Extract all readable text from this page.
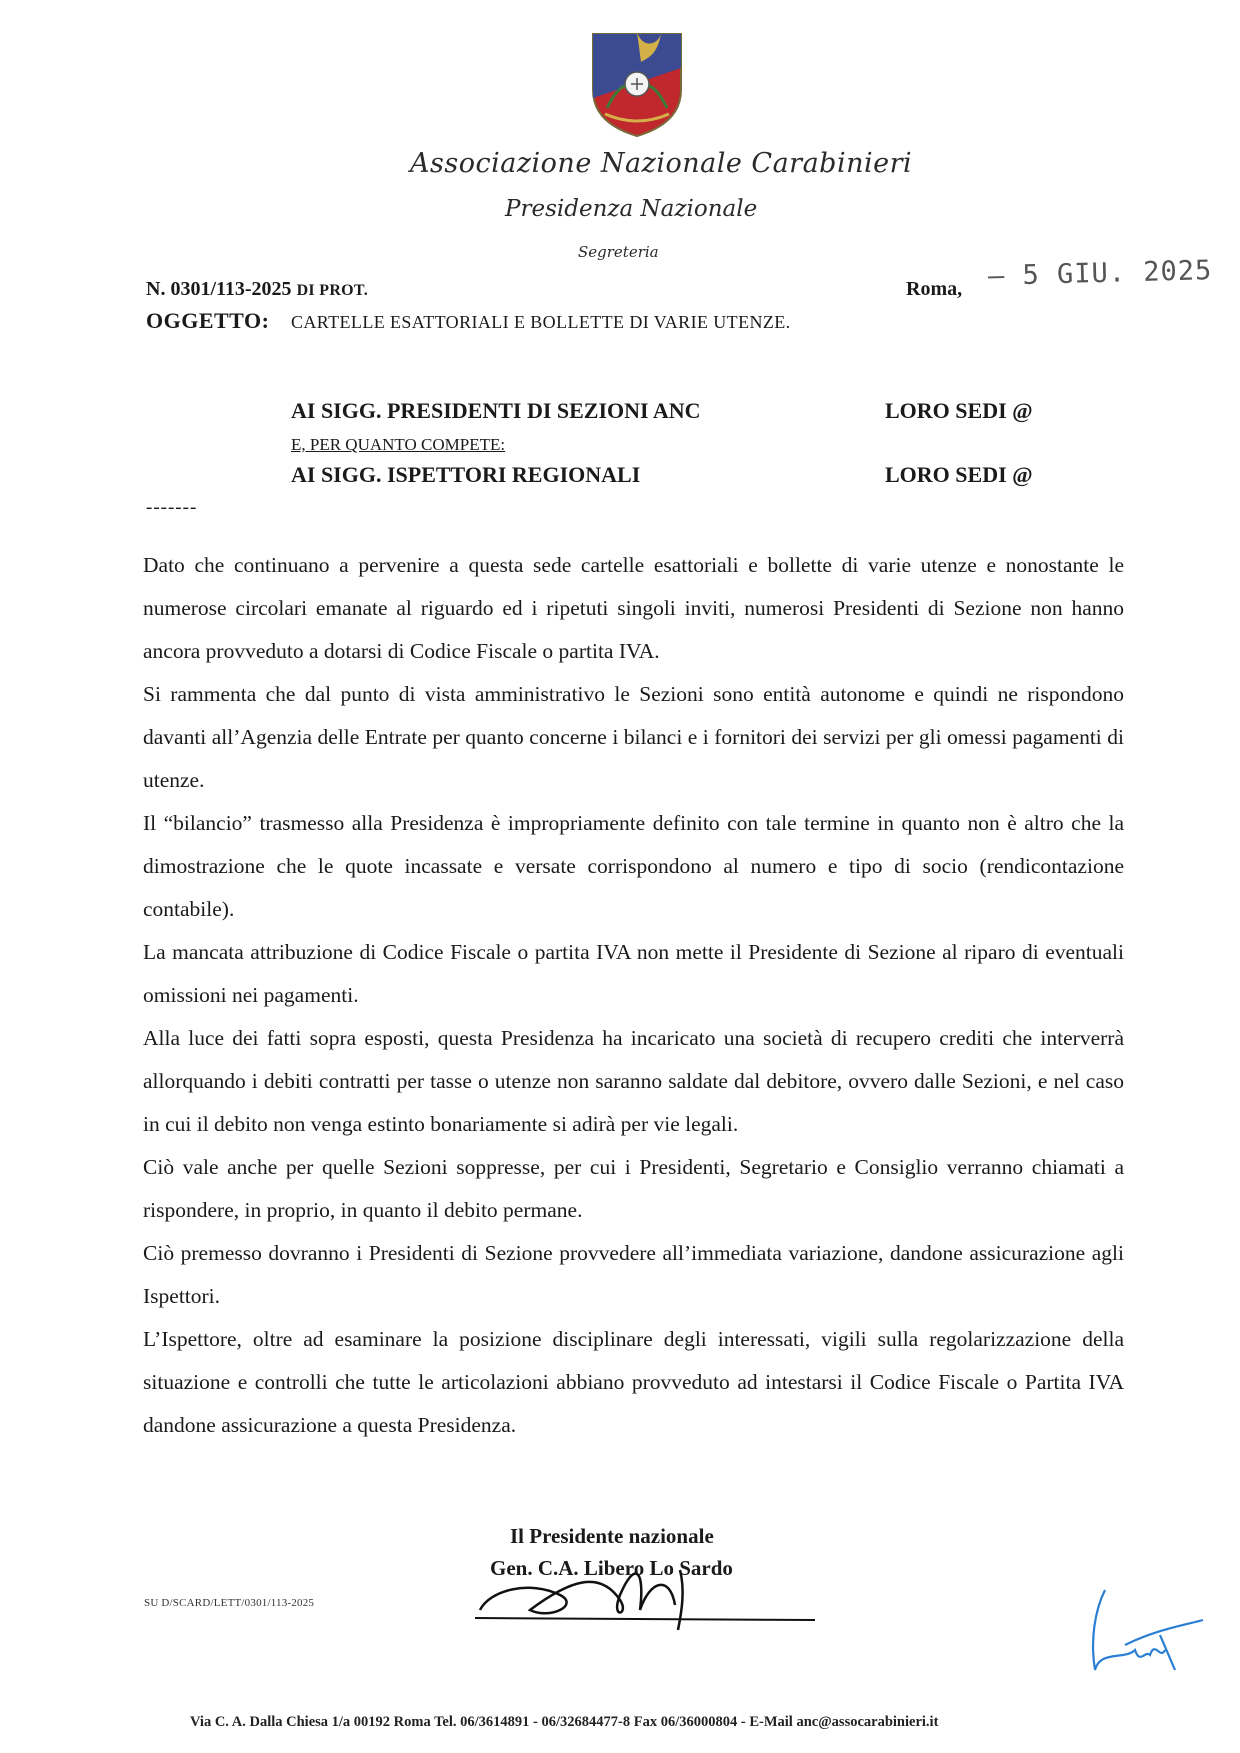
Associazione Nazionale Carabinieri
Presidenza Nazionale
Segreteria
N. 0301/113-2025 DI PROT.	Roma, – 5 GIU. 2025
OGGETTO: CARTELLE ESATTORIALI E BOLLETTE DI VARIE UTENZE.
AI SIGG. PRESIDENTI DI SEZIONI ANC	LORO SEDI @
E, PER QUANTO COMPETE:
AI SIGG. ISPETTORI REGIONALI	LORO SEDI @
-------

Dato che continuano a pervenire a questa sede cartelle esattoriali e bollette di varie utenze e nonostante le numerose circolari emanate al riguardo ed i ripetuti singoli inviti, numerosi Presidenti di Sezione non hanno ancora provveduto a dotarsi di Codice Fiscale o partita IVA.

Si rammenta che dal punto di vista amministrativo le Sezioni sono entità autonome e quindi ne rispondono davanti all’Agenzia delle Entrate per quanto concerne i bilanci e i fornitori dei servizi per gli omessi pagamenti di utenze.

Il “bilancio” trasmesso alla Presidenza è impropriamente definito con tale termine in quanto non è altro che la dimostrazione che le quote incassate e versate corrispondono al numero e tipo di socio (rendicontazione contabile).

La mancata attribuzione di Codice Fiscale o partita IVA non mette il Presidente di Sezione al riparo di eventuali omissioni nei pagamenti.

Alla luce dei fatti sopra esposti, questa Presidenza ha incaricato una società di recupero crediti che interverrà allorquando i debiti contratti per tasse o utenze non saranno saldate dal debitore, ovvero dalle Sezioni, e nel caso in cui il debito non venga estinto bonariamente si adirà per vie legali.

Ciò vale anche per quelle Sezioni soppresse, per cui i Presidenti, Segretario e Consiglio verranno chiamati a rispondere, in proprio, in quanto il debito permane.

Ciò premesso dovranno i Presidenti di Sezione provvedere all’immediata variazione, dandone assicurazione agli Ispettori.

L’Ispettore, oltre ad esaminare la posizione disciplinare degli interessati, vigili sulla regolarizzazione della situazione e controlli che tutte le articolazioni abbiano provveduto ad intestarsi il Codice Fiscale o Partita IVA dandone assicurazione a questa Presidenza.

Il Presidente nazionale
Gen. C.A. Libero Lo Sardo
SU D/SCARD/LETT/0301/113-2025
Via C. A. Dalla Chiesa 1/a 00192 Roma Tel. 06/3614891 - 06/32684477-8 Fax 06/36000804 - E-Mail anc@assocarabinieri.it
